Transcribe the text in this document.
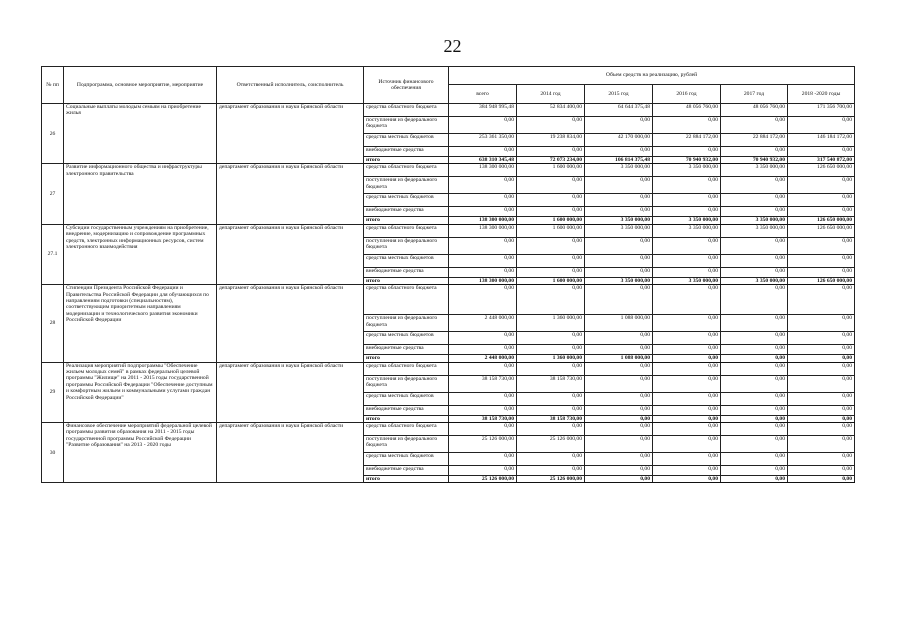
22
№ пп	Подпрограмма, основное мероприятие, мероприятие	Ответственный исполнитель, соисполнитель	Источник финансового обеспечения	Объем средств на реализацию, рублей					
				всего	2014 год	2015 год	2016 год	2017 год	2018 -2020 годы
26	Социальные выплаты молодым семьям на приобретение жилья	департамент образования и науки Брянской области	средства областного бюджета	384 948 995,48	52 834 400,00	64 644 375,48	48 056 760,00	48 056 760,00	171 356 700,00
			поступления из федерального бюджета	0,00	0,00	0,00	0,00	0,00	0,00
			средства местных бюджетов	253 361 350,00	19 238 834,00	42 170 000,00	22 884 172,00	22 884 172,00	146 184 172,00
			внебюджетные средства	0,00	0,00	0,00	0,00	0,00	0,00
			итого	638 310 345,48	72 073 234,00	106 814 375,48	70 940 932,00	70 940 932,00	317 540 872,00
27	Развитие информационного общества и инфраструктуры электронного правительства	департамент образования и науки Брянской области	средства областного бюджета	138 300 000,00	1 600 000,00	3 350 000,00	3 350 000,00	3 350 000,00	126 650 000,00
			поступления из федерального бюджета	0,00	0,00	0,00	0,00	0,00	0,00
			средства местных бюджетов	0,00	0,00	0,00	0,00	0,00	0,00
			внебюджетные средства	0,00	0,00	0,00	0,00	0,00	0,00
			итого	138 300 000,00	1 600 000,00	3 350 000,00	3 350 000,00	3 350 000,00	126 650 000,00
27.1	Субсидии государственным учреждениям на приобретение, внедрение, модернизацию и сопровождение программных средств, электронных информационных ресурсов, систем электронного взаимодействия	департамент образования и науки Брянской области	средства областного бюджета	138 300 000,00	1 600 000,00	3 350 000,00	3 350 000,00	3 350 000,00	126 650 000,00
			поступления из федерального бюджета	0,00	0,00	0,00	0,00	0,00	0,00
			средства местных бюджетов	0,00	0,00	0,00	0,00	0,00	0,00
			внебюджетные средства	0,00	0,00	0,00	0,00	0,00	0,00
			итого	138 300 000,00	1 600 000,00	3 350 000,00	3 350 000,00	3 350 000,00	126 650 000,00
28	Стипендии Президента Российской Федерации и Правительства Российской Федерации для обучающихся по направлениям подготовки (специальностям), соответствующим приоритетным направлениям модернизации и технологического развития экономики Российской Федерации	департамент образования и науки Брянской области	средства областного бюджета	0,00	0,00	0,00	0,00	0,00	0,00
			поступления из федерального бюджета	2 448 000,00	1 360 000,00	1 088 000,00	0,00	0,00	0,00
			средства местных бюджетов	0,00	0,00	0,00	0,00	0,00	0,00
			внебюджетные средства	0,00	0,00	0,00	0,00	0,00	0,00
			итого	2 448 000,00	1 360 000,00	1 088 000,00	0,00	0,00	0,00
29	Реализация мероприятий подпрограммы "Обеспечение жильем молодых семей" в рамках федеральной целевой программы "Жилище" на 2011 - 2015 годы государственной программы Российской Федерации "Обеспечение доступным и комфортным жильем и коммунальными услугами граждан Российской Федерации"	департамент образования и науки Брянской области	средства областного бюджета	0,00	0,00	0,00	0,00	0,00	0,00
			поступления из федерального бюджета	38 158 730,00	38 158 730,00	0,00	0,00	0,00	0,00
			средства местных бюджетов	0,00	0,00	0,00	0,00	0,00	0,00
			внебюджетные средства	0,00	0,00	0,00	0,00	0,00	0,00
			итого	38 158 730,00	38 158 730,00	0,00	0,00	0,00	0,00
30	Финансовое обеспечение мероприятий федеральной целевой программы развития образования на 2011 - 2015 годы государственной программы Российской Федерации "Развитие образования" на 2013 - 2020 годы	департамент образования и науки Брянской области	средства областного бюджета	0,00	0,00	0,00	0,00	0,00	0,00
			поступления из федерального бюджета	25 126 000,00	25 126 000,00	0,00	0,00	0,00	0,00
			средства местных бюджетов	0,00	0,00	0,00	0,00	0,00	0,00
			внебюджетные средства	0,00	0,00	0,00	0,00	0,00	0,00
			итого	25 126 000,00	25 126 000,00	0,00	0,00	0,00	0,00
